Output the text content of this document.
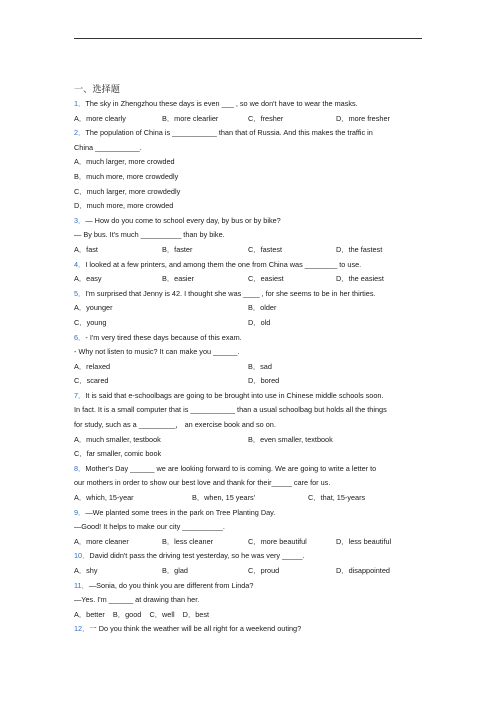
一、选择题
1．The sky in Zhengzhou these days is even ___ , so we don't have to wear the masks.
A．more clearly	B．more clearlier	C．fresher	D．more fresher
2．The population of China is ___________ than that of Russia. And this makes the traffic in
China ___________.
A．much larger, more crowded
B．much more, more crowdedly
C．much larger, more crowdedly
D．much more, more crowded
3．— How do you come to school every day, by bus or by bike?
— By bus. It's much __________ than by bike.
A．fast	B．faster	C．fastest	D．the fastest
4．I looked at a few printers, and among them the one from China was ________ to use.
A．easy	B．easier	C．easiest	D．the easiest
5．I'm surprised that Jenny is 42. I thought she was ____ , for she seems to be in her thirties.
A．younger	B．older
C．young	D．old
6．- I'm very tired these days because of this exam.
- Why not listen to music? It can make you ______.
A．relaxed	B．sad
C．scared	D．bored
7．It is said that e-schoolbags are going to be brought into use in Chinese middle schools soon.
In fact. It is a small computer that is ___________ than a usual schoolbag but holds all the things
for study, such as a _________， an exercise book and so on.
A．much smaller, testbook	B．even smaller, textbook
C．far smaller, comic book
8．Mother's Day ______ we are looking forward to is coming. We are going to write a letter to
our mothers in order to show our best love and thank for their_____ care for us.
A．which, 15-year	B．when, 15 years'	C．that, 15-years
9．—We planted some trees in the park on Tree Planting Day.
—Good! It helps to make our city __________.
A．more cleaner	B．less cleaner	C．more beautiful	D．less beautiful
10．David didn't pass the driving test yesterday, so he was very _____.
A．shy	B．glad	C．proud	D．disappointed
11．—Sonia, do you think you are different from Linda?
—Yes. I'm ______ at drawing than her.
A．better    B．good    C．well    D．best
12．一 Do you think the weather will be all right for a weekend outing?
